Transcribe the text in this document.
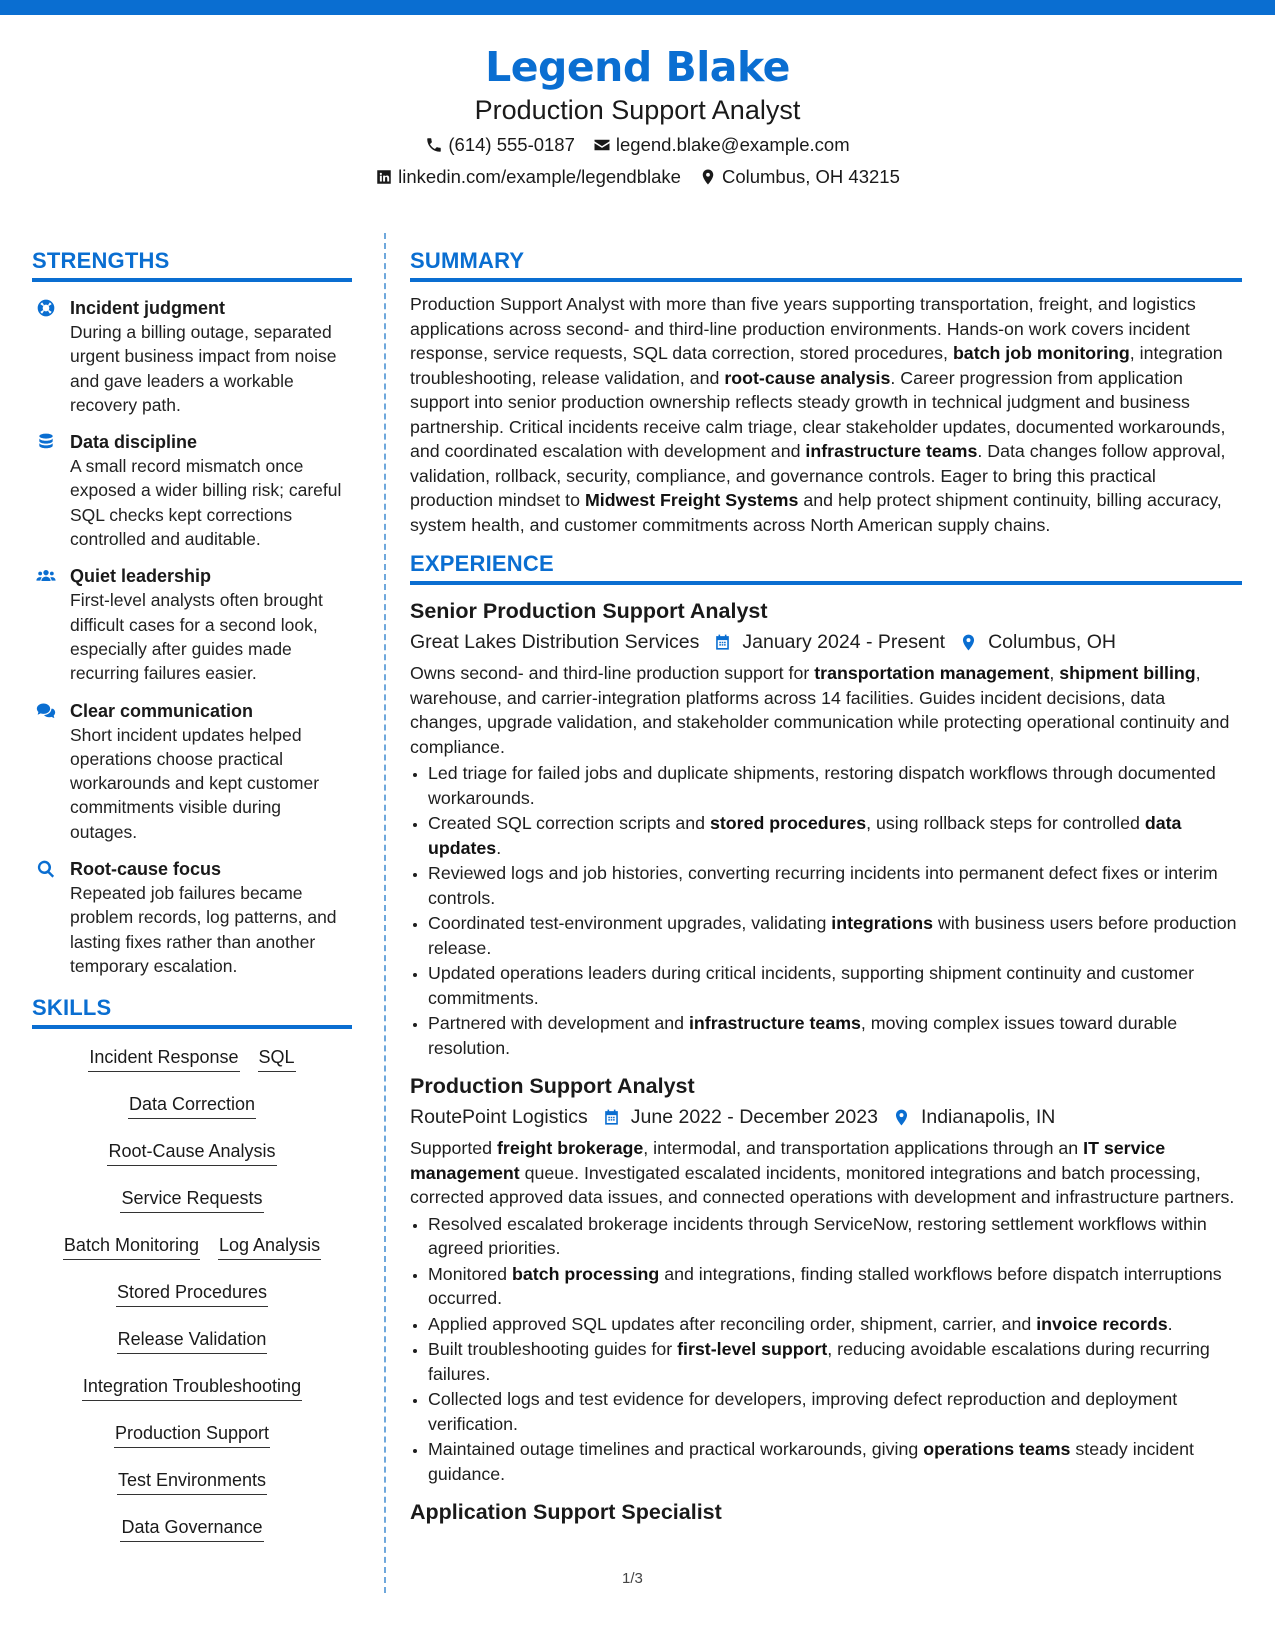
Legend Blake
Production Support Analyst
(614) 555-0187 legend.blake@example.com
linkedin.com/example/legendblake Columbus, OH 43215
STRENGTHS
Incident judgment
During a billing outage, separated urgent business impact from noise and gave leaders a workable recovery path.
Data discipline
A small record mismatch once exposed a wider billing risk; careful SQL checks kept corrections controlled and auditable.
Quiet leadership
First-level analysts often brought difficult cases for a second look, especially after guides made recurring failures easier.
Clear communication
Short incident updates helped operations choose practical workarounds and kept customer commitments visible during outages.
Root-cause focus
Repeated job failures became problem records, log patterns, and lasting fixes rather than another temporary escalation.
SKILLS
Incident Response SQL
Data Correction
Root-Cause Analysis
Service Requests
Batch Monitoring Log Analysis
Stored Procedures
Release Validation
Integration Troubleshooting
Production Support
Test Environments
Data Governance
SUMMARY

Production Support Analyst with more than five years supporting transportation, freight, and logistics applications across second- and third-line production environments. Hands-on work covers incident response, service requests, SQL data correction, stored procedures, batch job monitoring, integration troubleshooting, release validation, and root-cause analysis. Career progression from application support into senior production ownership reflects steady growth in technical judgment and business partnership. Critical incidents receive calm triage, clear stakeholder updates, documented workarounds, and coordinated escalation with development and infrastructure teams. Data changes follow approval, validation, rollback, security, compliance, and governance controls. Eager to bring this practical production mindset to Midwest Freight Systems and help protect shipment continuity, billing accuracy, system health, and customer commitments across North American supply chains.

EXPERIENCE
Senior Production Support Analyst
Great Lakes Distribution Services January 2024 - Present Columbus, OH

Owns second- and third-line production support for transportation management, shipment billing, warehouse, and carrier-integration platforms across 14 facilities. Guides incident decisions, data changes, upgrade validation, and stakeholder communication while protecting operational continuity and compliance.

• Led triage for failed jobs and duplicate shipments, restoring dispatch workflows through documented workarounds.
• Created SQL correction scripts and stored procedures, using rollback steps for controlled data updates.
• Reviewed logs and job histories, converting recurring incidents into permanent defect fixes or interim controls.
• Coordinated test-environment upgrades, validating integrations with business users before production release.
• Updated operations leaders during critical incidents, supporting shipment continuity and customer commitments.
• Partnered with development and infrastructure teams, moving complex issues toward durable resolution.
Production Support Analyst
RoutePoint Logistics June 2022 - December 2023 Indianapolis, IN

Supported freight brokerage, intermodal, and transportation applications through an IT service management queue. Investigated escalated incidents, monitored integrations and batch processing, corrected approved data issues, and connected operations with development and infrastructure partners.

• Resolved escalated brokerage incidents through ServiceNow, restoring settlement workflows within agreed priorities.
• Monitored batch processing and integrations, finding stalled workflows before dispatch interruptions occurred.
• Applied approved SQL updates after reconciling order, shipment, carrier, and invoice records.
• Built troubleshooting guides for first-level support, reducing avoidable escalations during recurring failures.
• Collected logs and test evidence for developers, improving defect reproduction and deployment verification.
• Maintained outage timelines and practical workarounds, giving operations teams steady incident guidance.
Application Support Specialist
1/3
